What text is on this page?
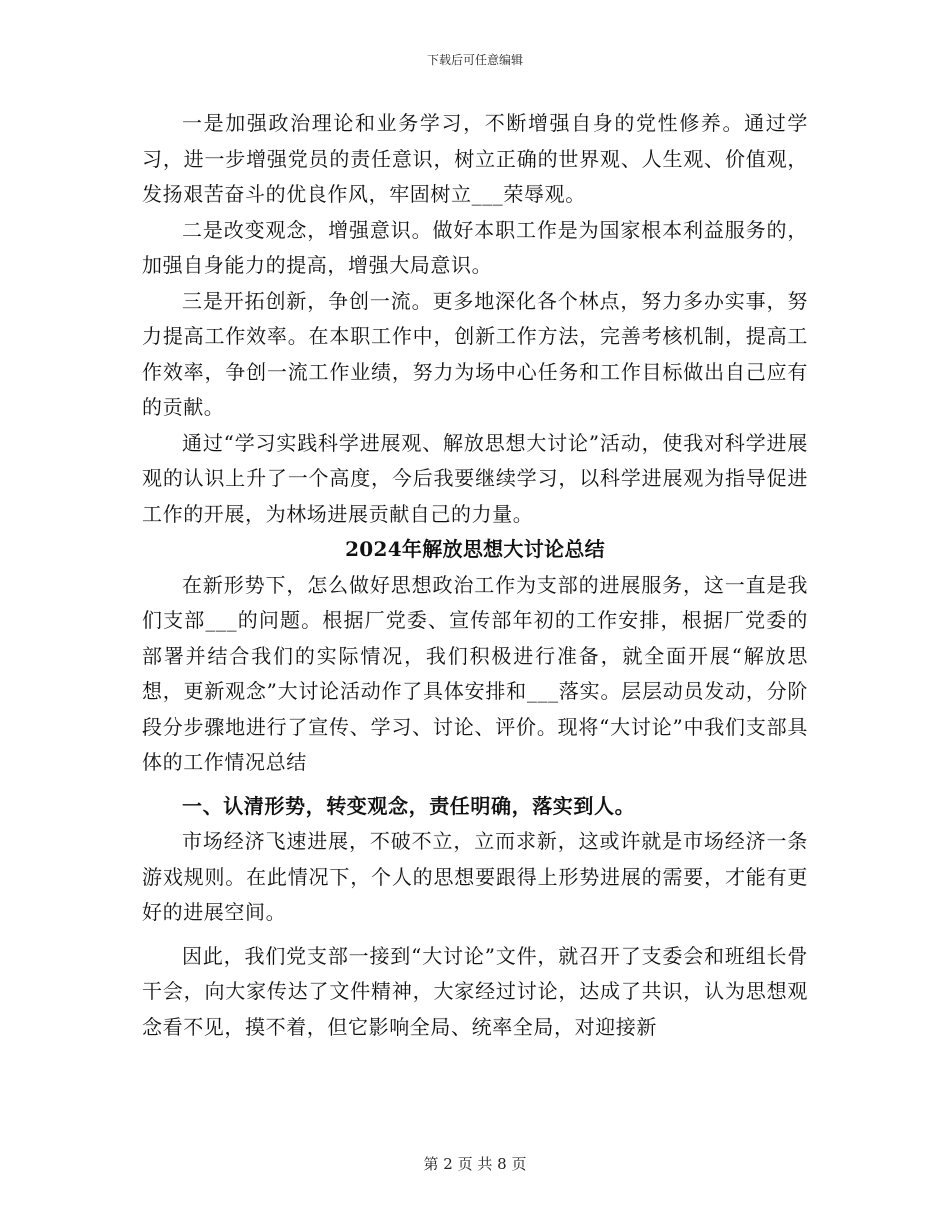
下载后可任意编辑

一是加强政治理论和业务学习，不断增强自身的党性修养。通过学习，进一步增强党员的责任意识，树立正确的世界观、人生观、价值观，发扬艰苦奋斗的优良作风，牢固树立___荣辱观。

二是改变观念，增强意识。做好本职工作是为国家根本利益服务的，加强自身能力的提高，增强大局意识。

三是开拓创新，争创一流。更多地深化各个林点，努力多办实事，努力提高工作效率。在本职工作中，创新工作方法，完善考核机制，提高工作效率，争创一流工作业绩，努力为场中心任务和工作目标做出自己应有的贡献。

通过“学习实践科学进展观、解放思想大讨论”活动，使我对科学进展观的认识上升了一个高度，今后我要继续学习，以科学进展观为指导促进工作的开展，为林场进展贡献自己的力量。

2024年解放思想大讨论总结

在新形势下，怎么做好思想政治工作为支部的进展服务，这一直是我们支部___的问题。根据厂党委、宣传部年初的工作安排，根据厂党委的部署并结合我们的实际情况，我们积极进行准备，就全面开展“解放思想，更新观念”大讨论活动作了具体安排和___落实。层层动员发动，分阶段分步骤地进行了宣传、学习、讨论、评价。现将“大讨论”中我们支部具体的工作情况总结

一、认清形势，转变观念，责任明确，落实到人。

市场经济飞速进展，不破不立，立而求新，这或许就是市场经济一条游戏规则。在此情况下，个人的思想要跟得上形势进展的需要，才能有更好的进展空间。

因此，我们党支部一接到“大讨论”文件，就召开了支委会和班组长骨干会，向大家传达了文件精神，大家经过讨论，达成了共识，认为思想观念看不见，摸不着，但它影响全局、统率全局，对迎接新

第 2 页 共 8 页
